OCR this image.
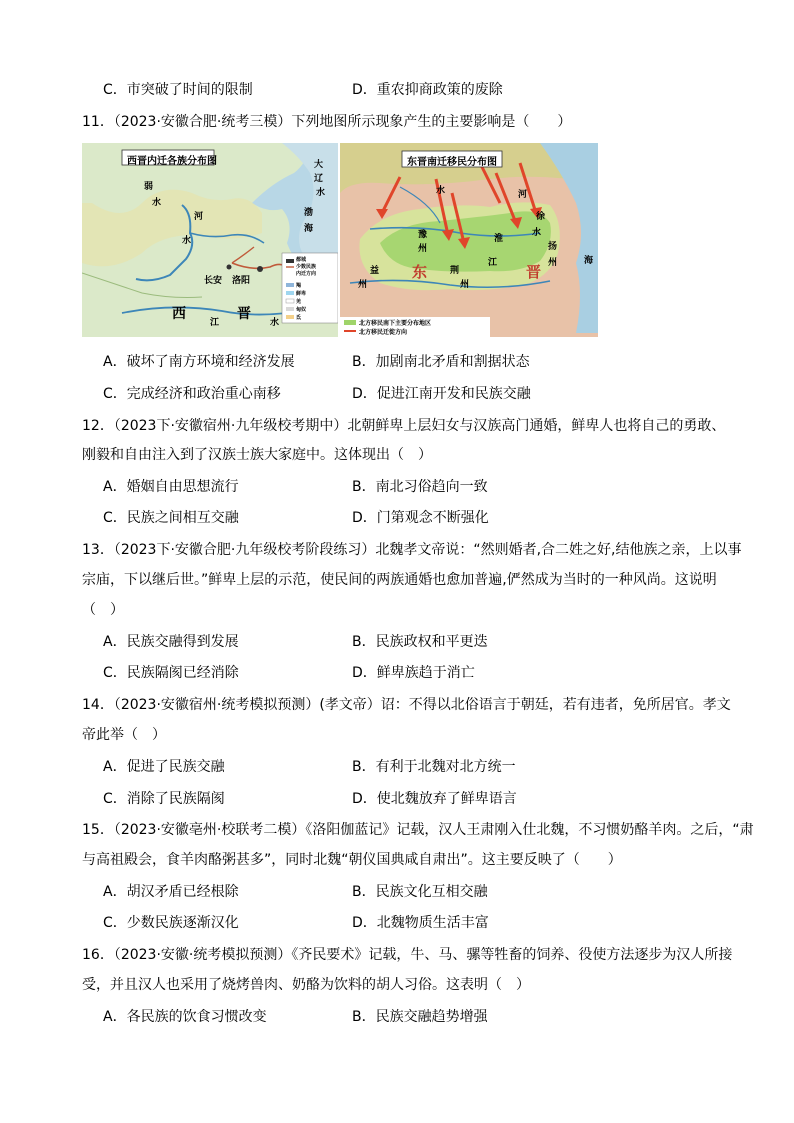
C．市突破了时间的限制	D．重农抑商政策的废除
11．（2023·安徽合肥·统考三模）下列地图所示现象产生的主要影响是（　　）
西晋内迁各族分布图	大
辽
水
渤
海
弱
水
河
水
长安 洛阳
西	晋
江	水
都城
少数民族
内迁方向
羯
鲜卑
羌
匈奴
氐
东晋南迁移民分布图
水	河
淮
徐
豫
州
江
水
扬
州
益
州
荆
州
东	晋
海
北方移民南下主要分布地区
北方移民迁徙方向
A．破坏了南方环境和经济发展	B．加剧南北矛盾和割据状态
C．完成经济和政治重心南移	D．促进江南开发和民族交融
12．（2023下·安徽宿州·九年级校考期中）北朝鲜卑上层妇女与汉族高门通婚，鲜卑人也将自己的勇敢、
刚毅和自由注入到了汉族士族大家庭中。这体现出（　）
A．婚姻自由思想流行	B．南北习俗趋向一致
C．民族之间相互交融	D．门第观念不断强化
13．（2023下·安徽合肥·九年级校考阶段练习）北魏孝文帝说：“然则婚者,合二姓之好,结他族之亲，上以事
宗庙，下以继后世。”鲜卑上层的示范，使民间的两族通婚也愈加普遍,俨然成为当时的一种风尚。这说明
（　）
A．民族交融得到发展	B．民族政权和平更迭
C．民族隔阂已经消除	D．鲜卑族趋于消亡
14．（2023·安徽宿州·统考模拟预测）(孝文帝）诏：不得以北俗语言于朝廷，若有违者，免所居官。孝文
帝此举（　）
A．促进了民族交融	B．有利于北魏对北方统一
C．消除了民族隔阂	D．使北魏放弃了鲜卑语言
15．（2023·安徽亳州·校联考二模）《洛阳伽蓝记》记载，汉人王肃刚入仕北魏，不习惯奶酪羊肉。之后，“肃
与高祖殿会，食羊肉酪粥甚多”，同时北魏“朝仪国典咸自肃出”。这主要反映了（　　）
A．胡汉矛盾已经根除	B．民族文化互相交融
C．少数民族逐渐汉化	D．北魏物质生活丰富
16．（2023·安徽·统考模拟预测）《齐民要术》记载，牛、马、骡等牲畜的饲养、役使方法逐步为汉人所接
受，并且汉人也采用了烧烤兽肉、奶酪为饮料的胡人习俗。这表明（　）
A．各民族的饮食习惯改变	B．民族交融趋势增强
